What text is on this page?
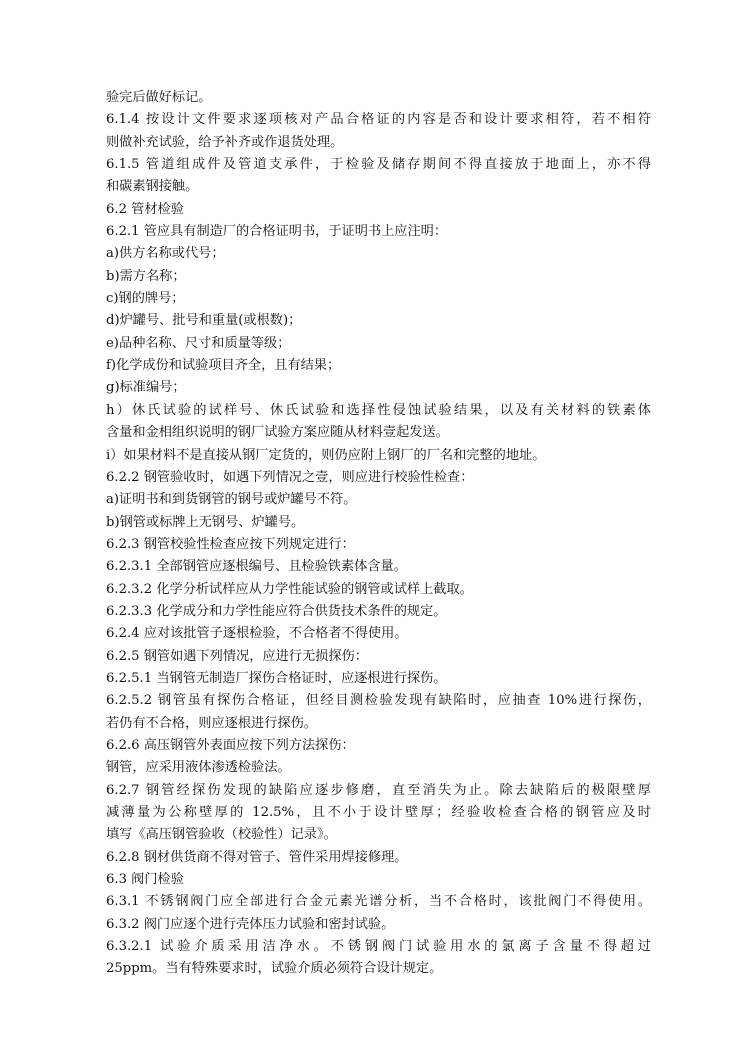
验完后做好标记。
6.1.4 按设计文件要求逐项核对产品合格证的内容是否和设计要求相符，若不相符
则做补充试验，给予补齐或作退货处理。
6.1.5 管道组成件及管道支承件，于检验及储存期间不得直接放于地面上，亦不得
和碳素钢接触。
6.2 管材检验
6.2.1 管应具有制造厂的合格证明书，于证明书上应注明：
a)供方名称或代号；
b)需方名称；
c)钢的牌号；
d)炉罐号、批号和重量(或根数)；
e)品种名称、尺寸和质量等级；
f)化学成份和试验项目齐全，且有结果；
g)标准编号；
h）休氏试验的试样号、休氏试验和选择性侵蚀试验结果，以及有关材料的铁素体
含量和金相组织说明的钢厂试验方案应随从材料壹起发送。
i）如果材料不是直接从钢厂定货的，则仍应附上钢厂的厂名和完整的地址。
6.2.2 钢管验收时，如遇下列情况之壹，则应进行校验性检查：
a)证明书和到货钢管的钢号或炉罐号不符。
b)钢管或标牌上无钢号、炉罐号。
6.2.3 钢管校验性检查应按下列规定进行：
6.2.3.1 全部钢管应逐根编号、且检验铁素体含量。
6.2.3.2 化学分析试样应从力学性能试验的钢管或试样上截取。
6.2.3.3 化学成分和力学性能应符合供货技术条件的规定。
6.2.4 应对该批管子逐根检验，不合格者不得使用。
6.2.5 钢管如遇下列情况，应进行无损探伤：
6.2.5.1 当钢管无制造厂探伤合格证时，应逐根进行探伤。
6.2.5.2 钢管虽有探伤合格证，但经目测检验发现有缺陷时，应抽查 10%进行探伤，
若仍有不合格，则应逐根进行探伤。
6.2.6 高压钢管外表面应按下列方法探伤：
钢管，应采用液体渗透检验法。
6.2.7 钢管经探伤发现的缺陷应逐步修磨，直至消失为止。除去缺陷后的极限壁厚
减薄量为公称壁厚的 12.5%，且不小于设计壁厚；经验收检查合格的钢管应及时
填写《高压钢管验收（校验性）记录》。
6.2.8 钢材供货商不得对管子、管件采用焊接修理。
6.3 阀门检验
6.3.1 不锈钢阀门应全部进行合金元素光谱分析，当不合格时，该批阀门不得使用。
6.3.2 阀门应逐个进行壳体压力试验和密封试验。
6.3.2.1 试验介质采用洁净水。不锈钢阀门试验用水的氯离子含量不得超过
25ppm。当有特殊要求时，试验介质必须符合设计规定。
